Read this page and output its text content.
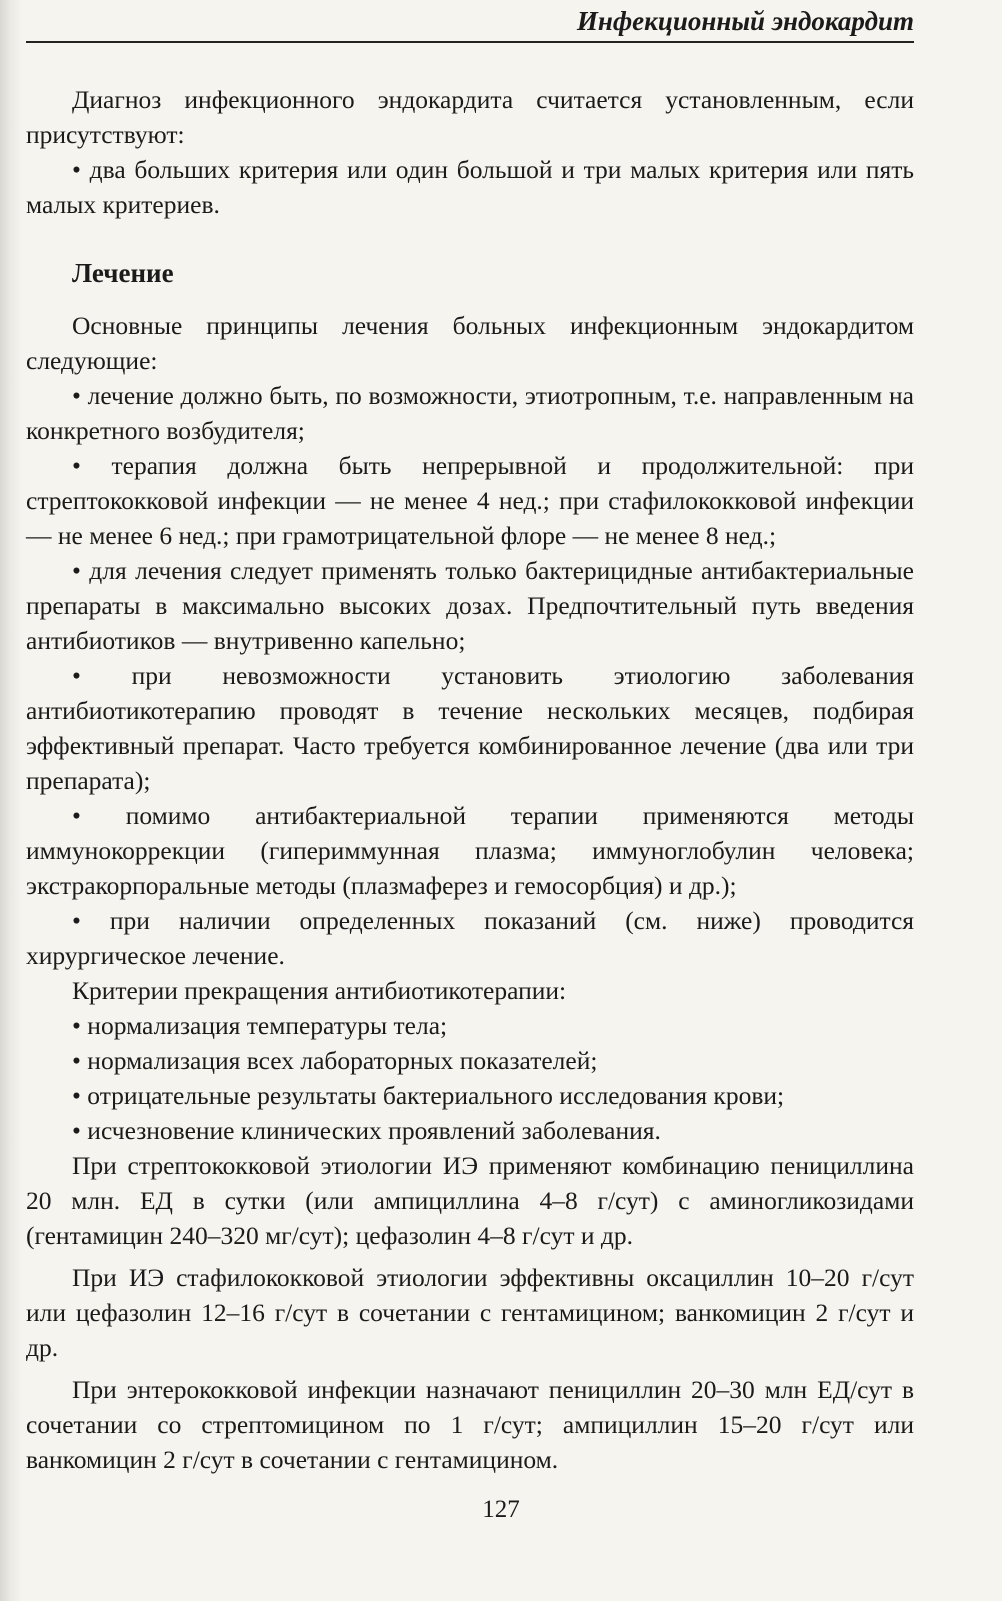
Инфекционный эндокардит

Диагноз инфекционного эндокардита считается установленным, если присутствуют:

• два больших критерия или один большой и три малых критерия или пять малых критериев.

Лечение

Основные принципы лечения больных инфекционным эндокардитом следующие:

• лечение должно быть, по возможности, этиотропным, т.е. направленным на конкретного возбудителя;

• терапия должна быть непрерывной и продолжительной: при стрептококковой инфекции — не менее 4 нед.; при стафилококковой инфекции — не менее 6 нед.; при грамотрицательной флоре — не менее 8 нед.;

• для лечения следует применять только бактерицидные антибактериальные препараты в максимально высоких дозах. Предпочтительный путь введения антибиотиков — внутривенно капельно;

• при невозможности установить этиологию заболевания антибиотикотерапию проводят в течение нескольких месяцев, подбирая эффективный препарат. Часто требуется комбинированное лечение (два или три препарата);

• помимо антибактериальной терапии применяются методы иммунокоррекции (гипериммунная плазма; иммуноглобулин человека; экстракорпоральные методы (плазмаферез и гемосорбция) и др.);

• при наличии определенных показаний (см. ниже) проводится хирургическое лечение.

Критерии прекращения антибиотикотерапии:

• нормализация температуры тела;

• нормализация всех лабораторных показателей;

• отрицательные результаты бактериального исследования крови;

• исчезновение клинических проявлений заболевания.

При стрептококковой этиологии ИЭ применяют комбинацию пенициллина 20 млн. ЕД в сутки (или ампициллина 4–8 г/сут) с аминогликозидами (гентамицин 240–320 мг/сут); цефазолин 4–8 г/сут и др.

При ИЭ стафилококковой этиологии эффективны оксациллин 10–20 г/сут или цефазолин 12–16 г/сут в сочетании с гентамицином; ванкомицин 2 г/сут и др.

При энтерококковой инфекции назначают пенициллин 20–30 млн ЕД/сут в сочетании со стрептомицином по 1 г/сут; ампициллин 15–20 г/сут или ванкомицин 2 г/сут в сочетании с гентамицином.

127
